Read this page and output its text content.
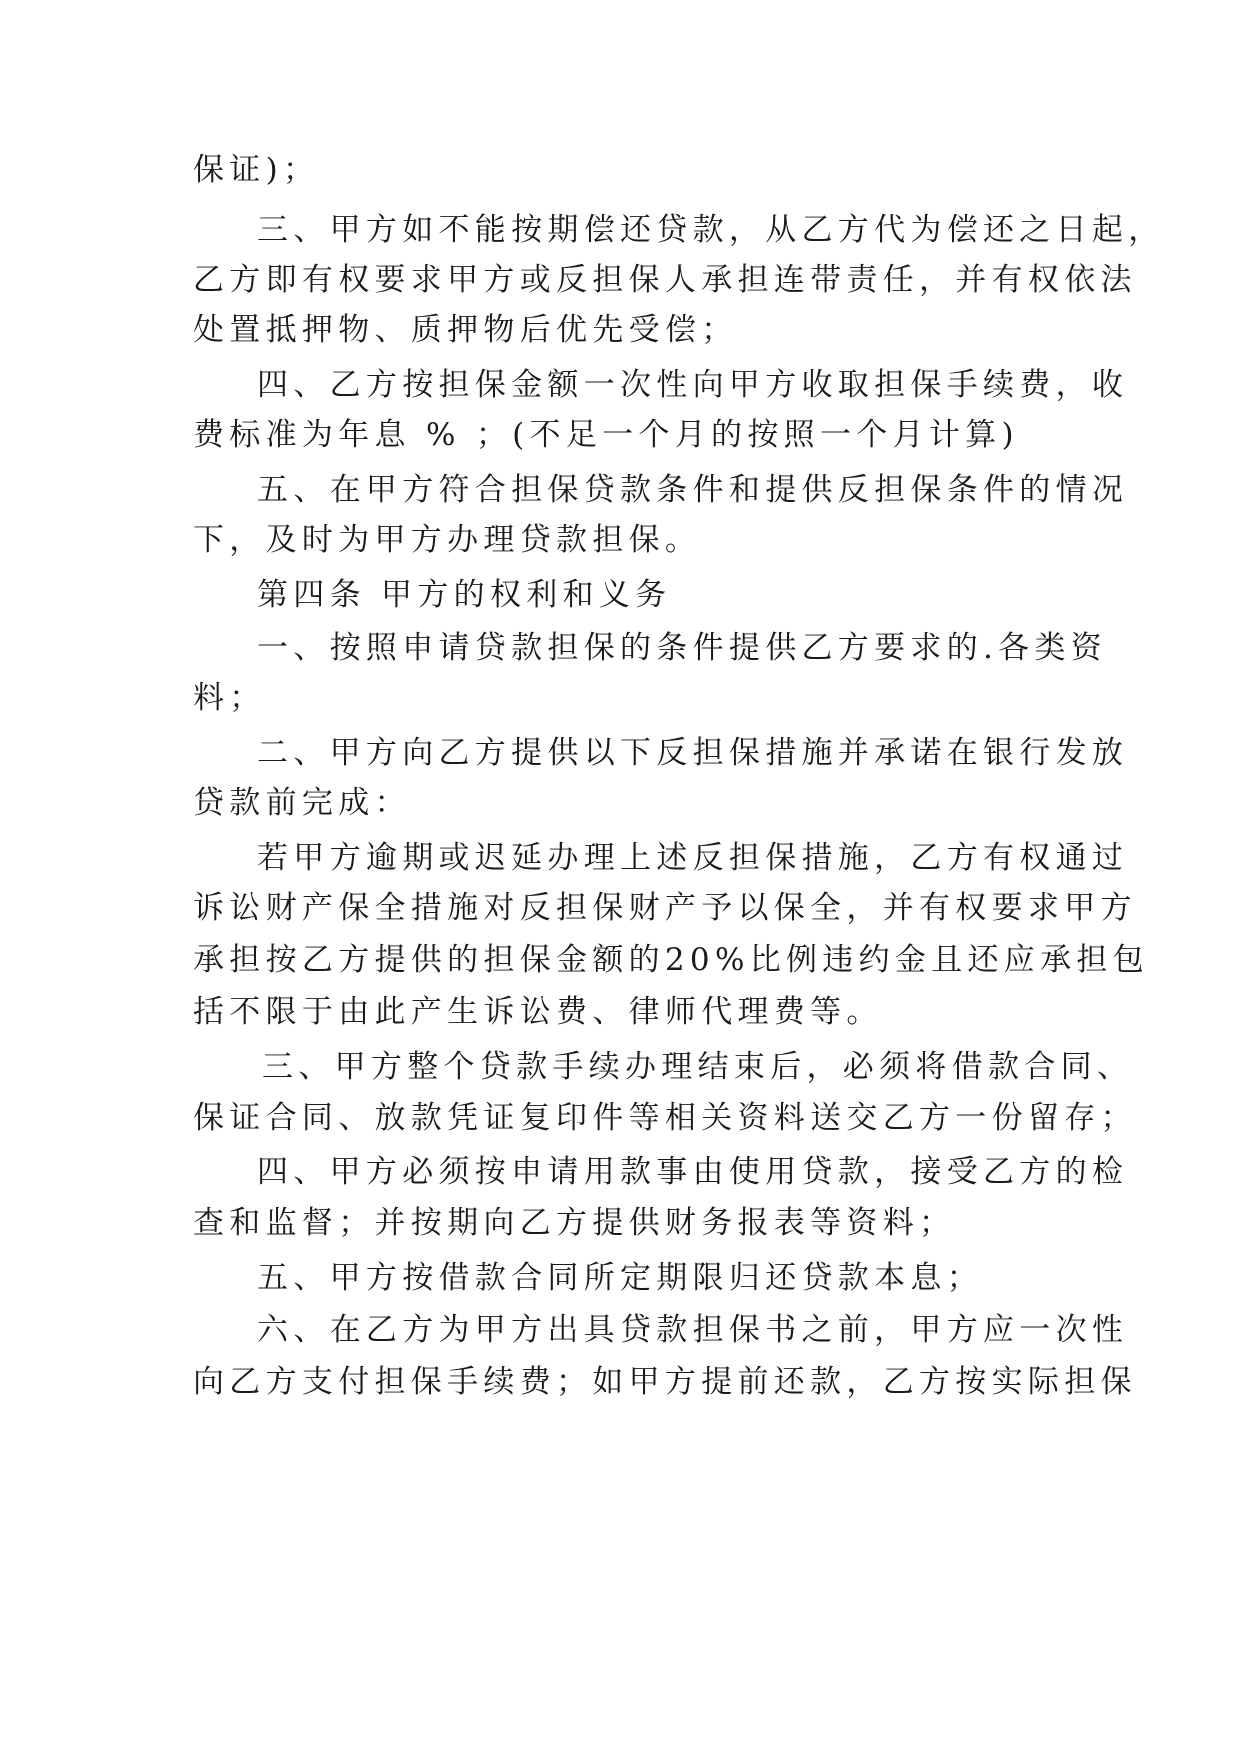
保证)；
三、甲方如不能按期偿还贷款，从乙方代为偿还之日起，
乙方即有权要求甲方或反担保人承担连带责任，并有权依法
处置抵押物、质押物后优先受偿；
四、乙方按担保金额一次性向甲方收取担保手续费，收
费标准为年息 % ；(不足一个月的按照一个月计算)
五、在甲方符合担保贷款条件和提供反担保条件的情况
下，及时为甲方办理贷款担保。
第四条 甲方的权利和义务
一、按照申请贷款担保的条件提供乙方要求的.各类资
料；
二、甲方向乙方提供以下反担保措施并承诺在银行发放
贷款前完成：
若甲方逾期或迟延办理上述反担保措施，乙方有权通过
诉讼财产保全措施对反担保财产予以保全，并有权要求甲方
承担按乙方提供的担保金额的20%比例违约金且还应承担包
括不限于由此产生诉讼费、律师代理费等。
三、甲方整个贷款手续办理结束后，必须将借款合同、
保证合同、放款凭证复印件等相关资料送交乙方一份留存；
四、甲方必须按申请用款事由使用贷款，接受乙方的检
查和监督；并按期向乙方提供财务报表等资料；
五、甲方按借款合同所定期限归还贷款本息；
六、在乙方为甲方出具贷款担保书之前，甲方应一次性
向乙方支付担保手续费；如甲方提前还款，乙方按实际担保
